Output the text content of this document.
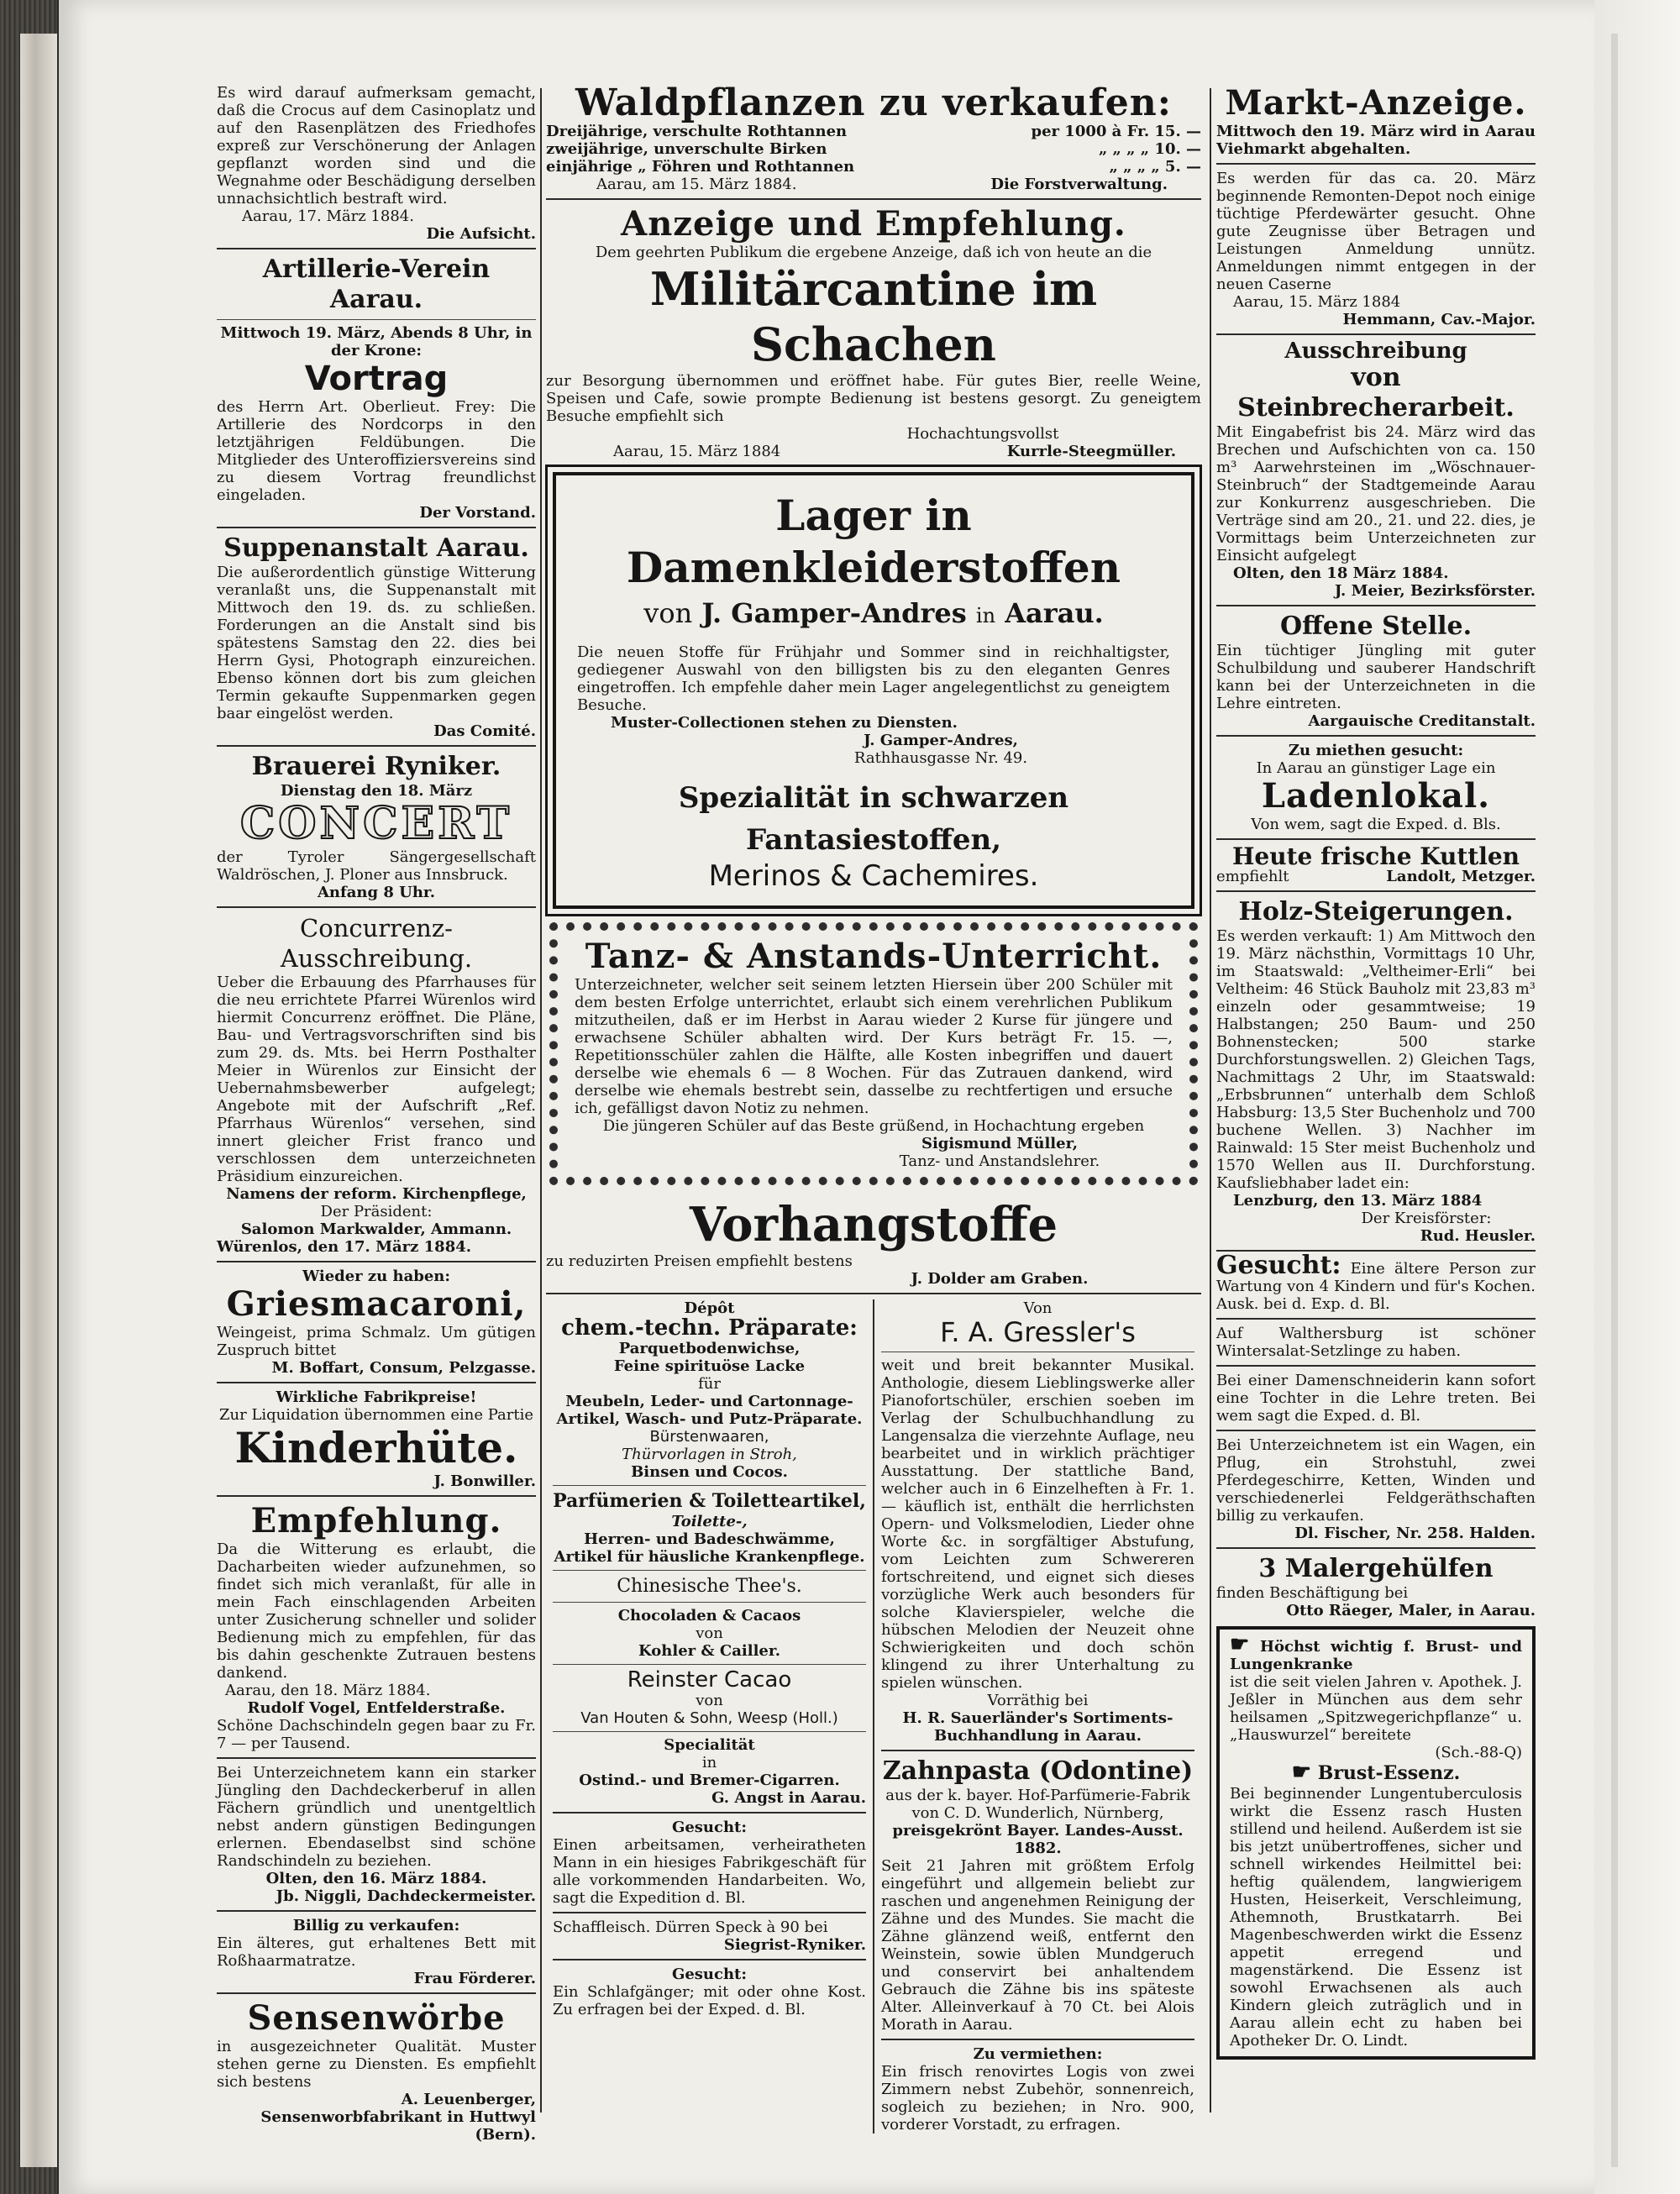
Es wird darauf aufmerksam gemacht, daß die Crocus auf dem Casinoplatz und auf den Rasenplätzen des Friedhofes expreß zur Verschönerung der Anlagen gepflanzt worden sind und die Wegnahme oder Beschädigung derselben unnachsichtlich bestraft wird.

Aarau, 17. März 1884.

Die Aufsicht.

Artillerie-Verein Aarau.

Mittwoch 19. März, Abends 8 Uhr, in der Krone:

Vortrag

des Herrn Art. Oberlieut. Frey: Die Artillerie des Nordcorps in den letztjährigen Feldübungen. Die Mitglieder des Unteroffiziersvereins sind zu diesem Vortrag freundlichst eingeladen.

Der Vorstand.

Suppenanstalt Aarau.

Die außerordentlich günstige Witterung veranlaßt uns, die Suppenanstalt mit Mittwoch den 19. ds. zu schließen. Forderungen an die Anstalt sind bis spätestens Samstag den 22. dies bei Herrn Gysi, Photograph einzureichen. Ebenso können dort bis zum gleichen Termin gekaufte Suppenmarken gegen baar eingelöst werden.

Das Comité.

Brauerei Ryniker.

Dienstag den 18. März

CONCERT

der Tyroler Sängergesellschaft Waldröschen, J. Ploner aus Innsbruck.

Anfang 8 Uhr.

Concurrenz-Ausschreibung.

Ueber die Erbauung des Pfarrhauses für die neu errichtete Pfarrei Würenlos wird hiermit Concurrenz eröffnet. Die Pläne, Bau- und Vertragsvorschriften sind bis zum 29. ds. Mts. bei Herrn Posthalter Meier in Würenlos zur Einsicht der Uebernahmsbewerber aufgelegt; Angebote mit der Aufschrift „Ref. Pfarrhaus Würenlos“ versehen, sind innert gleicher Frist franco und verschlossen dem unterzeichneten Präsidium einzureichen.

Namens der reform. Kirchenpflege,

Der Präsident:

Salomon Markwalder, Ammann.

Würenlos, den 17. März 1884.

Wieder zu haben:

Griesmacaroni,

Weingeist, prima Schmalz. Um gütigen Zuspruch bittet

M. Boffart, Consum, Pelzgasse.

Wirkliche Fabrikpreise!

Zur Liquidation übernommen eine Partie

Kinderhüte.

J. Bonwiller.

Empfehlung.

Da die Witterung es erlaubt, die Dacharbeiten wieder aufzunehmen, so findet sich mich veranlaßt, für alle in mein Fach einschlagenden Arbeiten unter Zusicherung schneller und solider Bedienung mich zu empfehlen, für das bis dahin geschenkte Zutrauen bestens dankend.

Aarau, den 18. März 1884.

Rudolf Vogel, Entfelderstraße.

Schöne Dachschindeln gegen baar zu Fr. 7 — per Tausend.

Bei Unterzeichnetem kann ein starker Jüngling den Dachdeckerberuf in allen Fächern gründlich und unentgeltlich nebst andern günstigen Bedingungen erlernen. Ebendaselbst sind schöne Randschindeln zu beziehen.

Olten, den 16. März 1884.

Jb. Niggli, Dachdeckermeister.

Billig zu verkaufen:

Ein älteres, gut erhaltenes Bett mit Roßhaarmatratze.

Frau Förderer.

Sensenwörbe

in ausgezeichneter Qualität. Muster stehen gerne zu Diensten. Es empfiehlt sich bestens

A. Leuenberger, Sensenworbfabrikant in Huttwyl (Bern).

Waldpflanzen zu verkaufen:

Dreijährige, verschulte Rothtannen	per 1000 à Fr. 15. —
zweijährige, unverschulte Birken	„ „ „ „ 10. —
einjährige „ Föhren und Rothtannen	„ „ „ „ 5. —
Aarau, am 15. März 1884.	Die Forstverwaltung.

Anzeige und Empfehlung.

Dem geehrten Publikum die ergebene Anzeige, daß ich von heute an die

Militärcantine im Schachen

zur Besorgung übernommen und eröffnet habe. Für gutes Bier, reelle Weine, Speisen und Cafe, sowie prompte Bedienung ist bestens gesorgt. Zu geneigtem Besuche empfiehlt sich

Hochachtungsvollst

Aarau, 15. März 1884	Kurrle-Steegmüller.

Lager in Damenkleiderstoffen

von J. Gamper-Andres in Aarau.

Die neuen Stoffe für Frühjahr und Sommer sind in reichhaltigster, gediegener Auswahl von den billigsten bis zu den eleganten Genres eingetroffen. Ich empfehle daher mein Lager angelegentlichst zu geneigtem Besuche.

Muster-Collectionen stehen zu Diensten.

J. Gamper-Andres,

Rathhausgasse Nr. 49.

Spezialität in schwarzen Fantasiestoffen,

Merinos & Cachemires.

Tanz- & Anstands-Unterricht.

Unterzeichneter, welcher seit seinem letzten Hiersein über 200 Schüler mit dem besten Erfolge unterrichtet, erlaubt sich einem verehrlichen Publikum mitzutheilen, daß er im Herbst in Aarau wieder 2 Kurse für jüngere und erwachsene Schüler abhalten wird. Der Kurs beträgt Fr. 15. —, Repetitionsschüler zahlen die Hälfte, alle Kosten inbegriffen und dauert derselbe wie ehemals 6 — 8 Wochen. Für das Zutrauen dankend, wird derselbe wie ehemals bestrebt sein, dasselbe zu rechtfertigen und ersuche ich, gefälligst davon Notiz zu nehmen.

Die jüngeren Schüler auf das Beste grüßend, in Hochachtung ergeben

Sigismund Müller,

Tanz- und Anstandslehrer.

Vorhangstoffe

zu reduzirten Preisen empfiehlt bestens

J. Dolder am Graben.

Dépôt

chem.-techn. Präparate:

Parquetbodenwichse,

Feine spirituöse Lacke

für

Meubeln, Leder- und Cartonnage-Artikel, Wasch- und Putz-Präparate.

Bürstenwaaren,

Thürvorlagen in Stroh,

Binsen und Cocos.

Parfümerien & Toiletteartikel,

Toilette-,

Herren- und Badeschwämme, Artikel für häusliche Krankenpflege.

Chinesische Thee's.

Chocoladen & Cacaos

von

Kohler & Cailler.

Reinster Cacao

von

Van Houten & Sohn, Weesp (Holl.)

Specialität

in

Ostind.- und Bremer-Cigarren.

G. Angst in Aarau.

Gesucht:

Einen arbeitsamen, verheiratheten Mann in ein hiesiges Fabrikgeschäft für alle vorkommenden Handarbeiten. Wo, sagt die Expedition d. Bl.

Schaffleisch. Dürren Speck à 90 bei

Siegrist-Ryniker.

Gesucht:

Ein Schlafgänger; mit oder ohne Kost. Zu erfragen bei der Exped. d. Bl.

Von

F. A. Gressler's

weit und breit bekannter Musikal. Anthologie, diesem Lieblingswerke aller Pianofortschüler, erschien soeben im Verlag der Schulbuchhandlung zu Langensalza die vierzehnte Auflage, neu bearbeitet und in wirklich prächtiger Ausstattung. Der stattliche Band, welcher auch in 6 Einzelheften à Fr. 1. — käuflich ist, enthält die herrlichsten Opern- und Volksmelodien, Lieder ohne Worte &c. in sorgfältiger Abstufung, vom Leichten zum Schwereren fortschreitend, und eignet sich dieses vorzügliche Werk auch besonders für solche Klavierspieler, welche die hübschen Melodien der Neuzeit ohne Schwierigkeiten und doch schön klingend zu ihrer Unterhaltung zu spielen wünschen.

Vorräthig bei

H. R. Sauerländer's Sortiments-Buchhandlung in Aarau.

Zahnpasta (Odontine)

aus der k. bayer. Hof-Parfümerie-Fabrik von C. D. Wunderlich, Nürnberg,

preisgekrönt Bayer. Landes-Ausst. 1882.

Seit 21 Jahren mit größtem Erfolg eingeführt und allgemein beliebt zur raschen und angenehmen Reinigung der Zähne und des Mundes. Sie macht die Zähne glänzend weiß, entfernt den Weinstein, sowie üblen Mundgeruch und conservirt bei anhaltendem Gebrauch die Zähne bis ins späteste Alter. Alleinverkauf à 70 Ct. bei Alois Morath in Aarau.

Zu vermiethen:

Ein frisch renovirtes Logis von zwei Zimmern nebst Zubehör, sonnenreich, sogleich zu beziehen; in Nro. 900, vorderer Vorstadt, zu erfragen.

Markt-Anzeige.

Mittwoch den 19. März wird in Aarau Viehmarkt abgehalten.

Es werden für das ca. 20. März beginnende Remonten-Depot noch einige tüchtige Pferdewärter gesucht. Ohne gute Zeugnisse über Betragen und Leistungen Anmeldung unnütz. Anmeldungen nimmt entgegen in der neuen Caserne

Aarau, 15. März 1884

Hemmann, Cav.-Major.

Ausschreibung

von Steinbrecherarbeit.

Mit Eingabefrist bis 24. März wird das Brechen und Aufschichten von ca. 150 m³ Aarwehrsteinen im „Wöschnauer-Steinbruch“ der Stadtgemeinde Aarau zur Konkurrenz ausgeschrieben. Die Verträge sind am 20., 21. und 22. dies, je Vormittags beim Unterzeichneten zur Einsicht aufgelegt

Olten, den 18 März 1884.

J. Meier, Bezirksförster.

Offene Stelle.

Ein tüchtiger Jüngling mit guter Schulbildung und sauberer Handschrift kann bei der Unterzeichneten in die Lehre eintreten.

Aargauische Creditanstalt.

Zu miethen gesucht:

In Aarau an günstiger Lage ein

Ladenlokal.

Von wem, sagt die Exped. d. Bls.

Heute frische Kuttlen

empfiehlt	Landolt, Metzger.

Holz-Steigerungen.

Es werden verkauft: 1) Am Mittwoch den 19. März nächsthin, Vormittags 10 Uhr, im Staatswald: „Veltheimer-Erli“ bei Veltheim: 46 Stück Bauholz mit 23,83 m³ einzeln oder gesammtweise; 19 Halbstangen; 250 Baum- und 250 Bohnenstecken; 500 starke Durchforstungswellen. 2) Gleichen Tags, Nachmittags 2 Uhr, im Staatswald: „Erbsbrunnen“ unterhalb dem Schloß Habsburg: 13,5 Ster Buchenholz und 700 buchene Wellen. 3) Nachher im Rainwald: 15 Ster meist Buchenholz und 1570 Wellen aus II. Durchforstung. Kaufsliebhaber ladet ein:

Lenzburg, den 13. März 1884

Der Kreisförster:

Rud. Heusler.

Gesucht: Eine ältere Person zur Wartung von 4 Kindern und für's Kochen. Ausk. bei d. Exp. d. Bl.

Auf Walthersburg ist schöner Wintersalat-Setzlinge zu haben.

Bei einer Damenschneiderin kann sofort eine Tochter in die Lehre treten. Bei wem sagt die Exped. d. Bl.

Bei Unterzeichnetem ist ein Wagen, ein Pflug, ein Strohstuhl, zwei Pferdegeschirre, Ketten, Winden und verschiedenerlei Feldgeräthschaften billig zu verkaufen.

Dl. Fischer, Nr. 258. Halden.

3 Malergehülfen

finden Beschäftigung bei

Otto Räeger, Maler, in Aarau.

☛ Höchst wichtig f. Brust- und Lungenkranke

ist die seit vielen Jahren v. Apothek. J. Jeßler in München aus dem sehr heilsamen „Spitzwegerichpflanze“ u. „Hauswurzel“ bereitete

(Sch.-88-Q)

☛ Brust-Essenz.

Bei beginnender Lungentuberculosis wirkt die Essenz rasch Husten stillend und heilend. Außerdem ist sie bis jetzt unübertroffenes, sicher und schnell wirkendes Heilmittel bei: heftig quälendem, langwierigem Husten, Heiserkeit, Verschleimung, Athemnoth, Brustkatarrh. Bei Magenbeschwerden wirkt die Essenz appetit erregend und magenstärkend. Die Essenz ist sowohl Erwachsenen als auch Kindern gleich zuträglich und in Aarau allein echt zu haben bei Apotheker Dr. O. Lindt.
